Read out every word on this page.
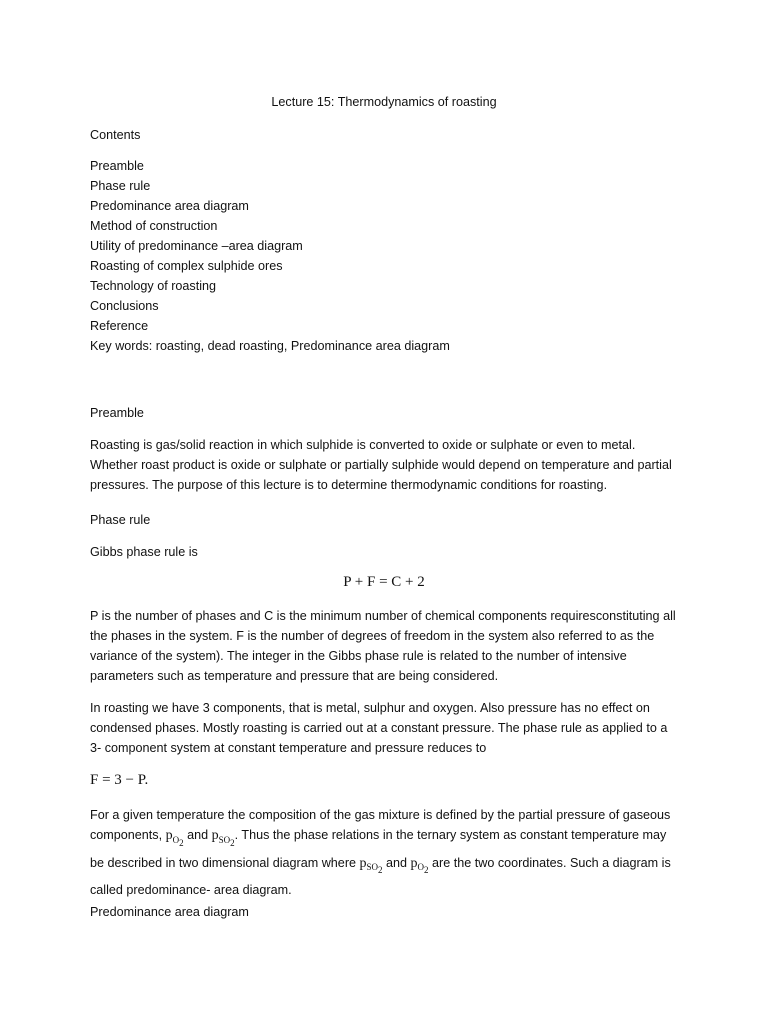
Lecture 15: Thermodynamics of roasting
Contents
Preamble
Phase rule
Predominance area diagram
Method of construction
Utility of predominance –area diagram
Roasting of complex sulphide ores
Technology of roasting
Conclusions
Reference
Key words: roasting, dead roasting, Predominance area diagram
Preamble

Roasting is gas/solid reaction in which sulphide is converted to oxide or sulphate or even to metal. Whether roast product is oxide or sulphate or partially sulphide would depend on temperature and partial pressures. The purpose of this lecture is to determine thermodynamic conditions for roasting.

Phase rule
Gibbs phase rule is
P + F = C + 2

P is the number of phases and C is the minimum number of chemical components requiresconstituting all the phases in the system. F is the number of degrees of freedom in the system also referred to as the variance of the system). The integer in the Gibbs phase rule is related to the number of intensive parameters such as temperature and pressure that are being considered.

In roasting we have 3 components, that is metal, sulphur and oxygen. Also pressure has no effect on condensed phases. Mostly roasting is carried out at a constant pressure. The phase rule as applied to a 3- component system at constant temperature and pressure reduces to

F = 3 − P.

For a given temperature the composition of the gas mixture is defined by the partial pressure of gaseous components, $p_{O_2}$ and $p_{SO_2}$. Thus the phase relations in the ternary system as constant temperature may be described in two dimensional diagram where $p_{SO_2}$ and $p_{O_2}$ are the two coordinates. Such a diagram is called predominance- area diagram.

Predominance area diagram
